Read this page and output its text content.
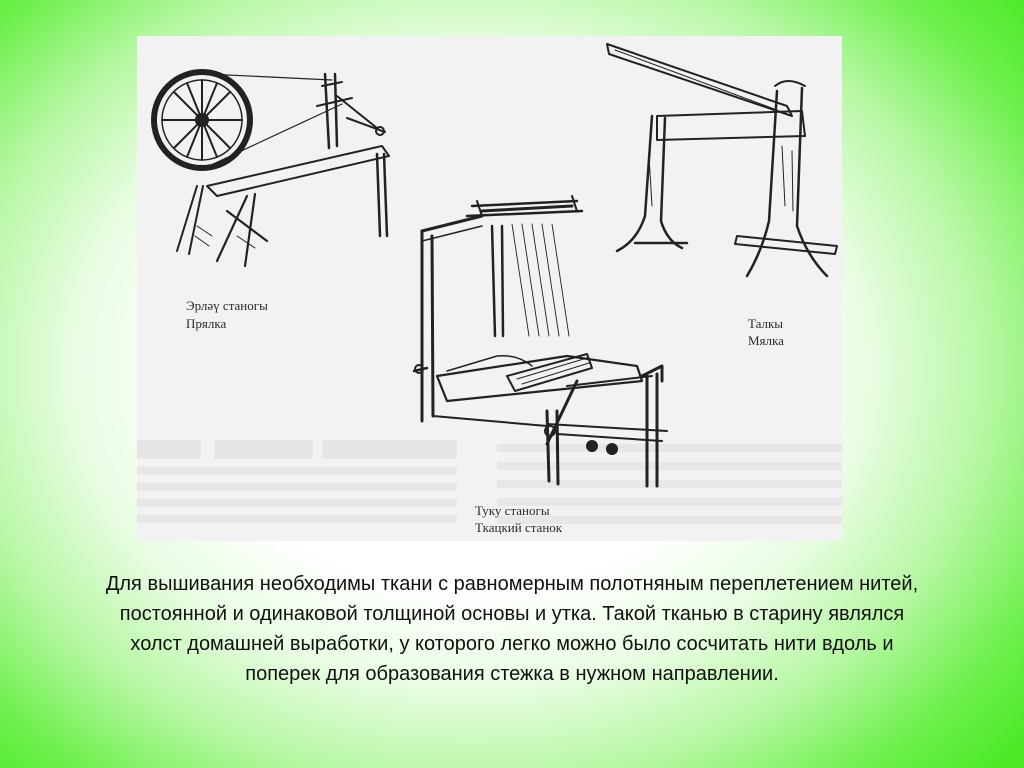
Эрләү станогы
Прялка	Талкы
Мялка
Туку станогы
Ткацкий станок
Для вышивания необходимы ткани с равномерным полотняным переплетением нитей, постоянной и одинаковой толщиной основы и утка. Такой тканью в старину являлся холст домашней выработки, у которого легко можно было сосчитать нити вдоль и поперек для образования стежка в нужном направлении.
